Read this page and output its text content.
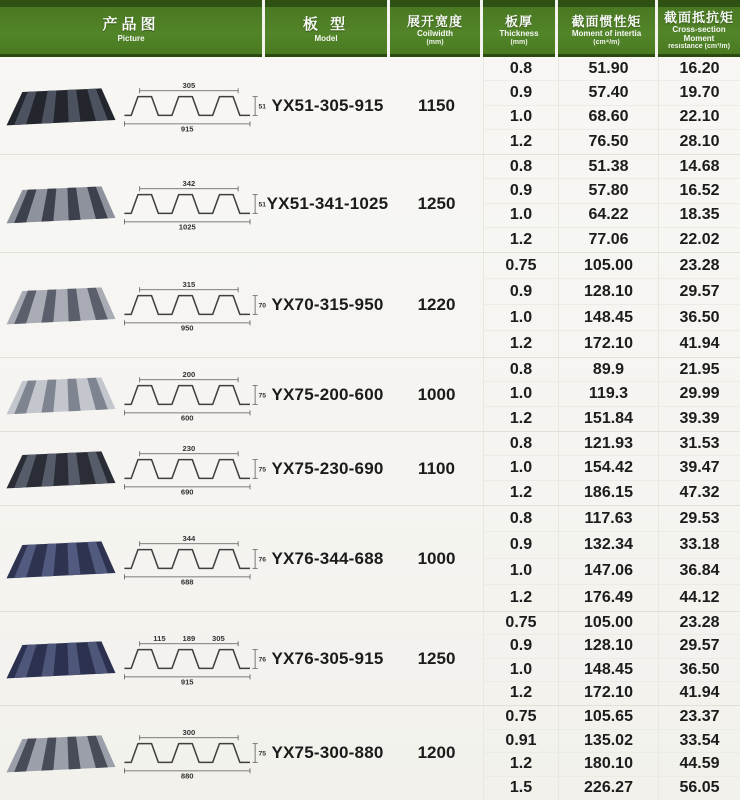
产品图
Picture
板 型
Model
展开宽度
Coilwidth
(mm)
板厚
Thickness
(mm)
截面惯性矩
Moment of intertia
(cm⁴/m)
截面抵抗矩
Cross-section Moment
resistance (cm³/m)
305
915
51 YX51-305-915 1150
0.8	51.90	16.20
0.9	57.40	19.70
1.0	68.60	22.10
1.2	76.50	28.10
342
1025
51 YX51-341-1025 1250
0.8	51.38	14.68
0.9	57.80	16.52
1.0	64.22	18.35
1.2	77.06	22.02
315
950
70 YX70-315-950 1220
0.75	105.00	23.28
0.9	128.10	29.57
1.0	148.45	36.50
1.2	172.10	41.94
200
600
75 YX75-200-600 1000
0.8	89.9	21.95
1.0	119.3	29.99
1.2	151.84	39.39
230
690
75 YX75-230-690 1100
0.8	121.93	31.53
1.0	154.42	39.47
1.2	186.15	47.32
344
688
76 YX76-344-688 1000
0.8	117.63	29.53
0.9	132.34	33.18
1.0	147.06	36.84
1.2	176.49	44.12
115 189 305
915
76 YX76-305-915 1250
0.75	105.00	23.28
0.9	128.10	29.57
1.0	148.45	36.50
1.2	172.10	41.94
300
880
75 YX75-300-880 1200
0.75	105.65	23.37
0.91	135.02	33.54
1.2	180.10	44.59
1.5	226.27	56.05
